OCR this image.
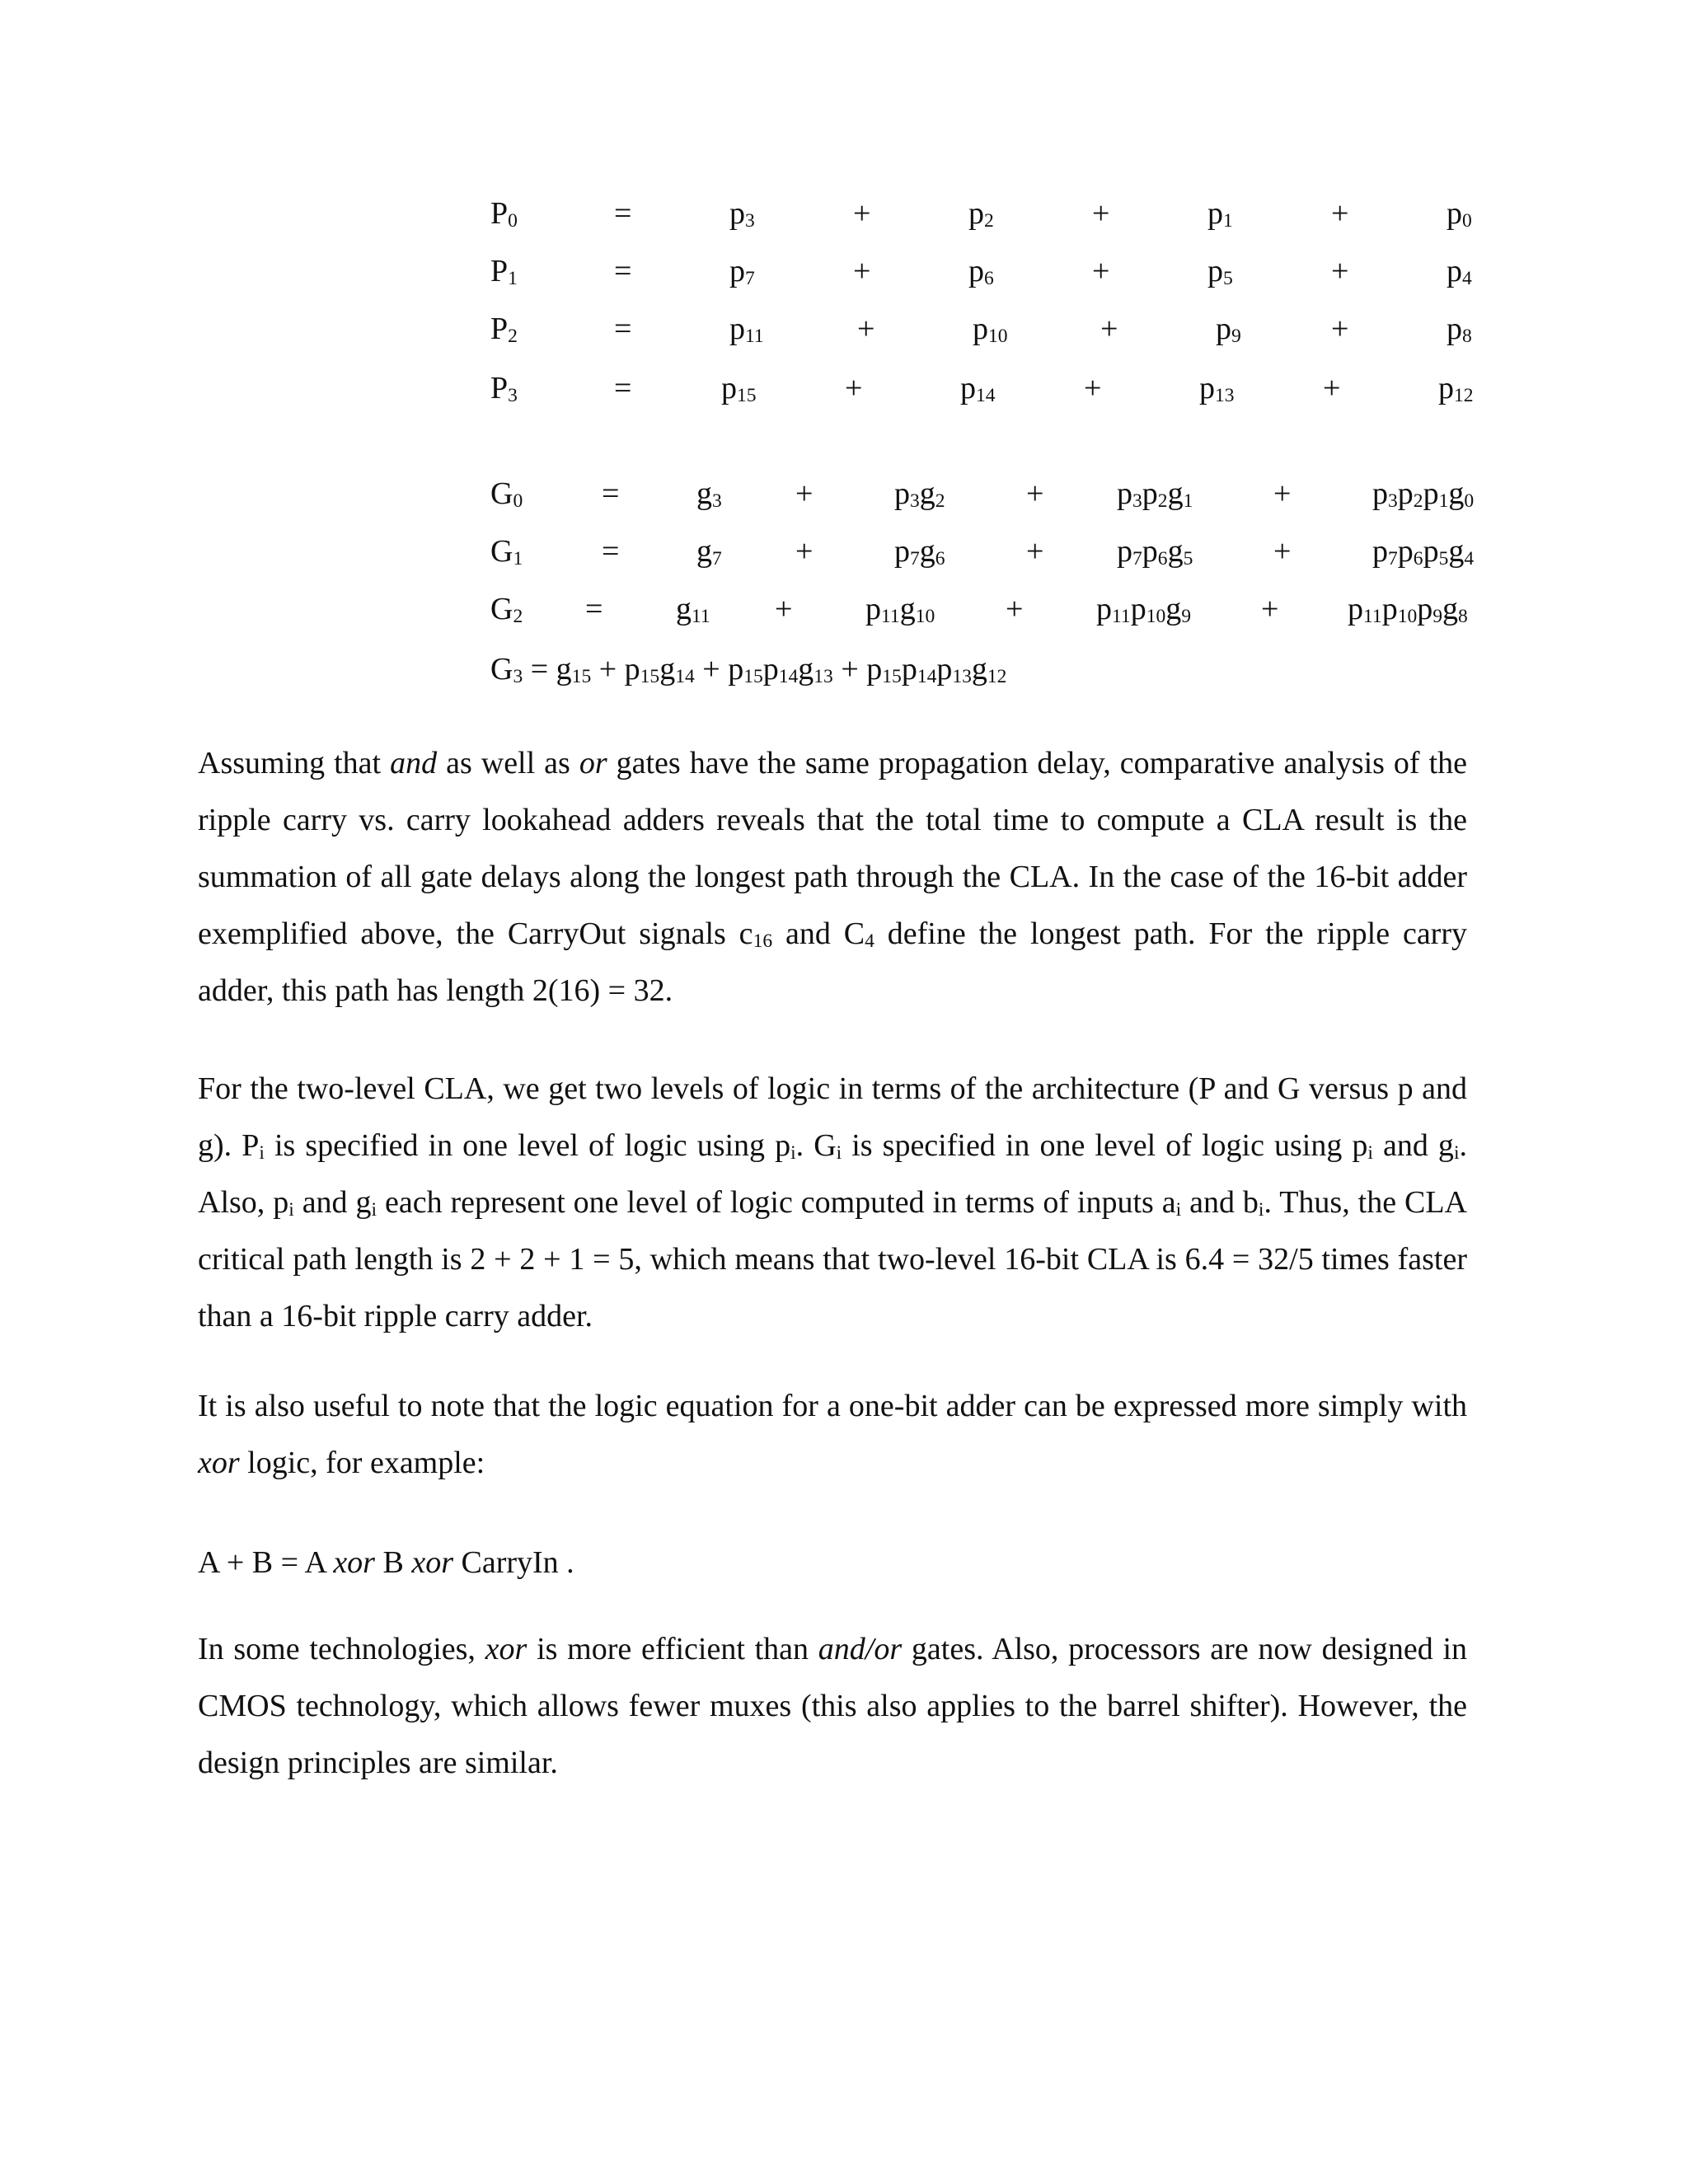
$P_0$	=	$p_3$	+	$p_2$	+	$p_1$	+	$p_0$
$P_1$	=	$p_7$	+	$p_6$	+	$p_5$	+	$p_4$
$P_2$	=	$p_{11}$	+	$p_{10}$	+	$p_9$	+	$p_8$
$P_3$	=	$p_{15}$	+	$p_{14}$	+	$p_{13}$	+	$p_{12}$
$G_0$	= $g_3$ +	$p_3g_2$	+ $p_3p_2g_1$	+	$p_3p_2p_1g_0$
$G_1$	= $g_7$ +	$p_7g_6$	+ $p_7p_6g_5$	+	$p_7p_6p_5g_4$
$G_2 = g_{11} + p_{11}g_{10} + p_{11}p_{10}g_9 + p_{11}p_{10}p_9g_8$
$G_3 = g_{15} + p_{15}g_{14} + p_{15}p_{14}g_{13} + p_{15}p_{14}p_{13}g_{12}$

Assuming that and as well as or gates have the same propagation delay, comparative analysis of the ripple carry vs. carry lookahead adders reveals that the total time to compute a CLA result is the summation of all gate delays along the longest path through the CLA. In the case of the 16-bit adder exemplified above, the CarryOut signals $c_{16}$ and $C_4$ define the longest path. For the ripple carry adder, this path has length 2(16) = 32.

For the two-level CLA, we get two levels of logic in terms of the architecture (P and G versus p and g). $P_i$ is specified in one level of logic using $p_i$. $G_i$ is specified in one level of logic using $p_i$ and $g_i$. Also, $p_i$ and $g_i$ each represent one level of logic computed in terms of inputs $a_i$ and $b_i$. Thus, the CLA critical path length is 2 + 2 + 1 = 5, which means that two-level 16-bit CLA is 6.4 = 32/5 times faster than a 16-bit ripple carry adder.

It is also useful to note that the logic equation for a one-bit adder can be expressed more simply with xor logic, for example:

A + B = A xor B xor CarryIn .

In some technologies, xor is more efficient than and/or gates. Also, processors are now designed in CMOS technology, which allows fewer muxes (this also applies to the barrel shifter). However, the design principles are similar.
